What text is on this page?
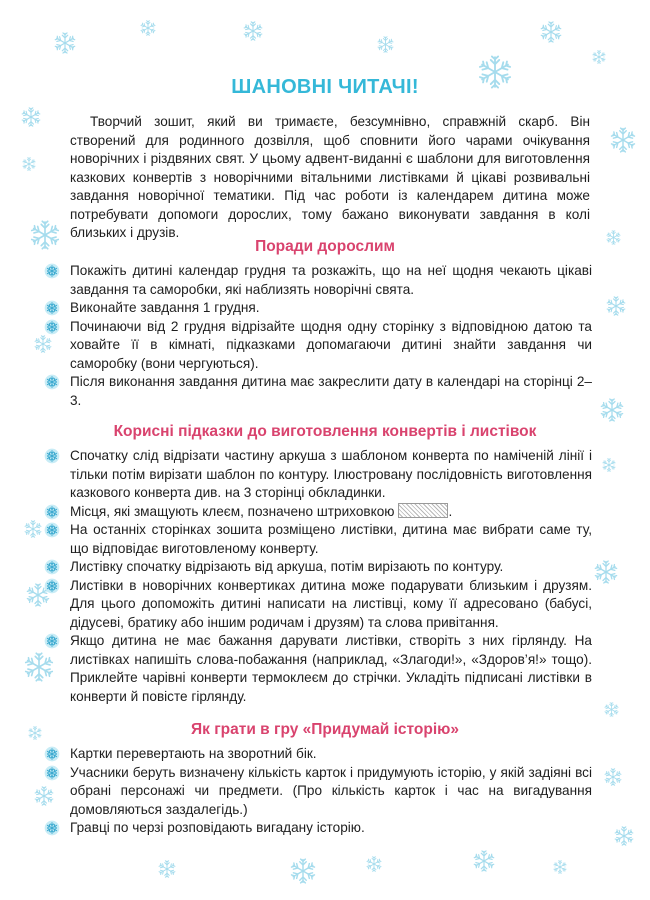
ШАНОВНІ ЧИТАЧІ!

Творчий зошит, який ви тримаєте, безсумнівно, справжній скарб. Він створений для родинного дозвілля, щоб сповнити його чарами очікування новорічних і різдвяних свят. У цьому адвент-виданні є шаблони для виготовлення казкових конвертів з новорічними вітальними листівками й цікаві розвивальні завдання новорічної тематики. Під час роботи із календарем дитина може потребувати допомоги дорослих, тому бажано виконувати завдання в колі близьких і друзів.

Поради дорослим
Покажіть дитині календар грудня та розкажіть, що на неї щодня чекають цікаві завдання та саморобки, які наблизять новорічні свята.
Виконайте завдання 1 грудня.
Починаючи від 2 грудня відрізайте щодня одну сторінку з відповідною датою та ховайте її в кімнаті, підказками допомагаючи дитині знайти завдання чи саморобку (вони чергуються).
Після виконання завдання дитина має закреслити дату в календарі на сторінці 2–3.
Корисні підказки до виготовлення конвертів і листівок
Спочатку слід відрізати частину аркуша з шаблоном конверта по наміченій лінії і тільки потім вирізати шаблон по контуру. Ілюстровану послідовність виготовлення казкового конверта див. на 3 сторінці обкладинки.
Місця, які змащують клеєм, позначено штриховкою	.
На останніх сторінках зошита розміщено листівки, дитина має вибрати саме ту, що відповідає виготовленому конверту.
Листівку спочатку відрізають від аркуша, потім вирізають по контуру.
Листівки в новорічних конвертиках дитина може подарувати близьким і друзям. Для цього допоможіть дитині написати на листівці, кому її адресовано (бабусі, дідусеві, братику або іншим родичам і друзям) та слова привітання.
Якщо дитина не має бажання дарувати листівки, створіть з них гірлянду. На листівках напишіть слова-побажання (наприклад, «Злагоди!», «Здоров’я!» тощо). Приклейте чарівні конверти термоклеєм до стрічки. Укладіть підписані листівки в конверти й повісте гірлянду.
Як грати в гру «Придумай історію»
Картки перевертають на зворотний бік.
Учасники беруть визначену кількість карток і придумують історію, у якій задіяні всі обрані персонажі чи предмети. (Про кількість карток і час на вигадування домовляються заздалегідь.)
Гравці по черзі розповідають вигадану історію.
